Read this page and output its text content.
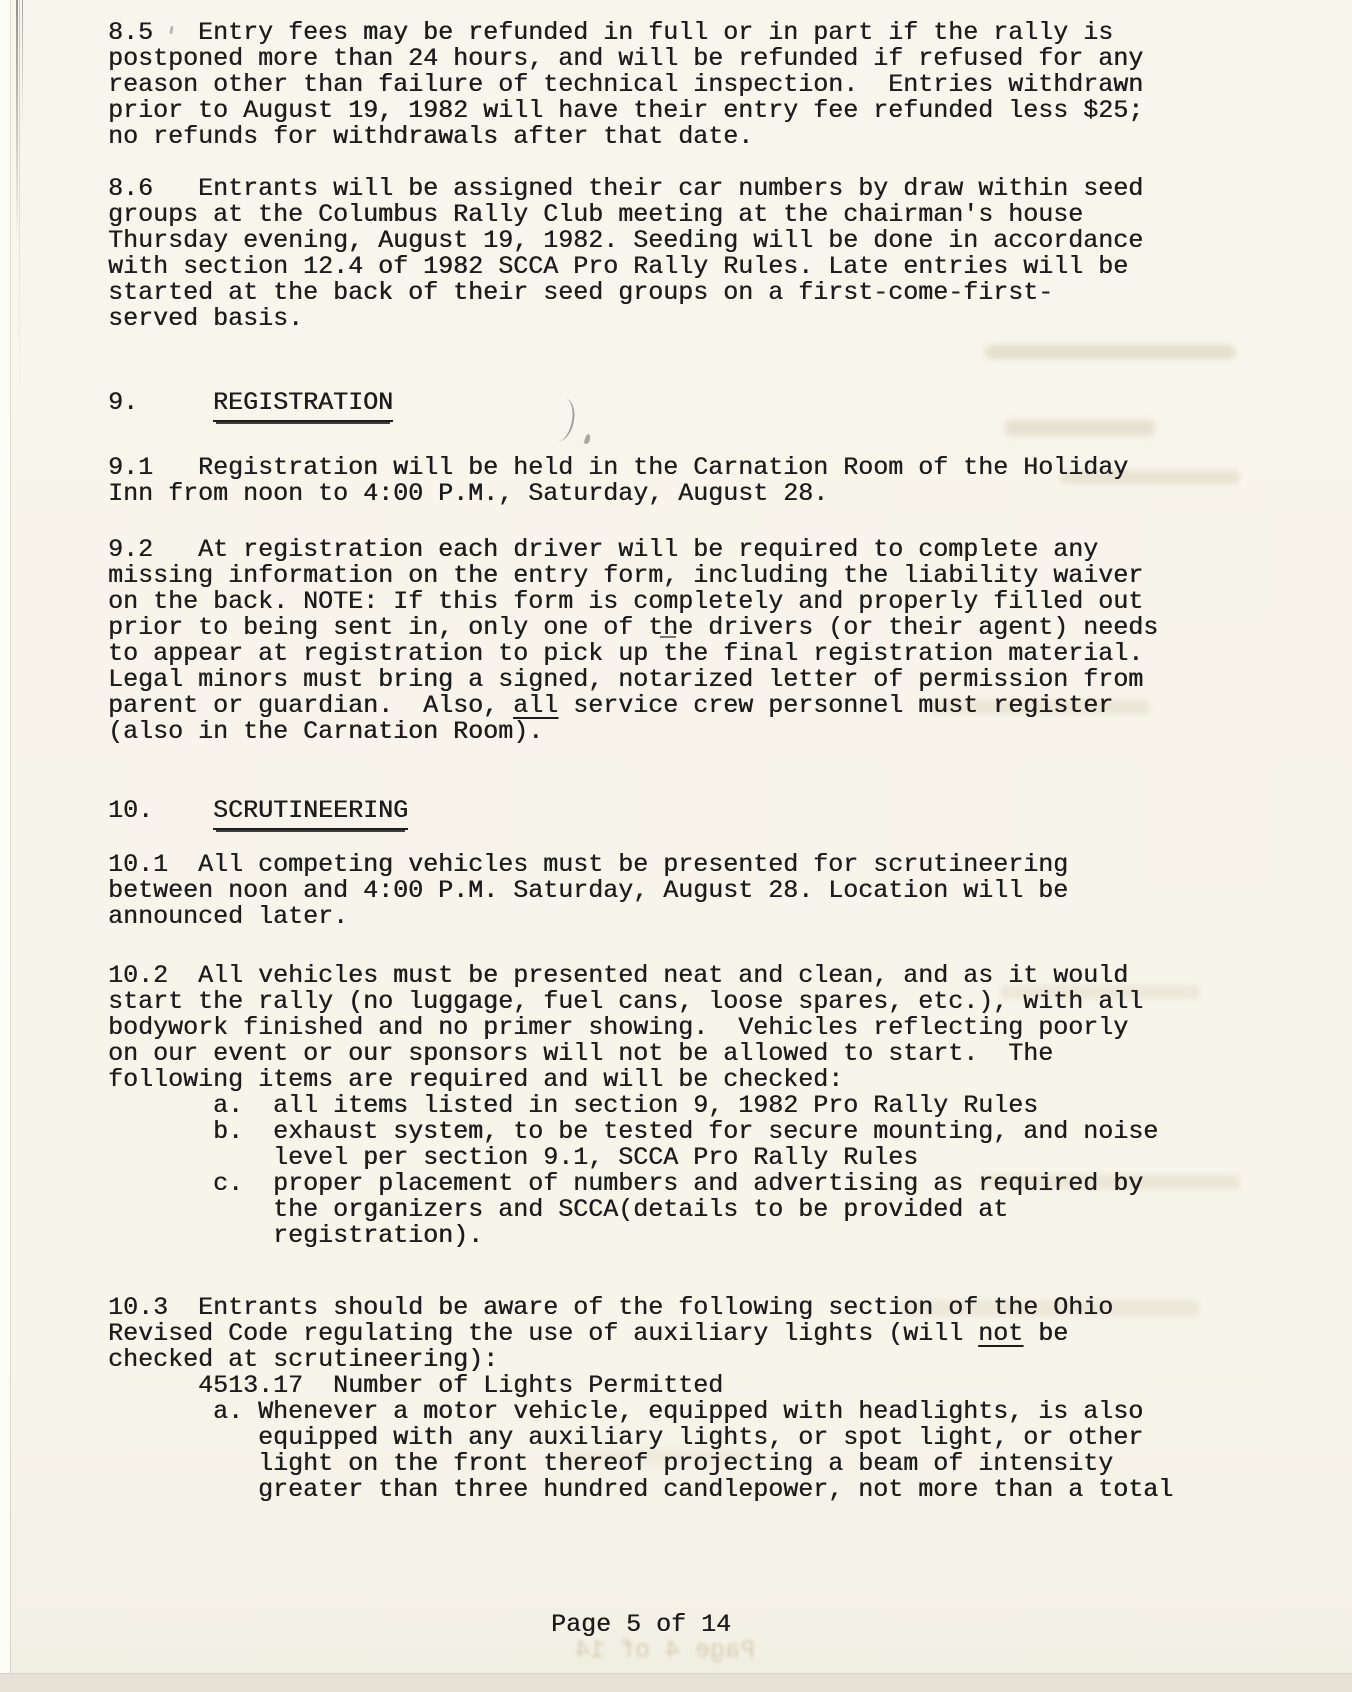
8.5   Entry fees may be refunded in full or in part if the rally is
postponed more than 24 hours, and will be refunded if refused for any
reason other than failure of technical inspection.  Entries withdrawn
prior to August 19, 1982 will have their entry fee refunded less $25;
no refunds for withdrawals after that date.
8.6   Entrants will be assigned their car numbers by draw within seed
groups at the Columbus Rally Club meeting at the chairman's house
Thursday evening, August 19, 1982. Seeding will be done in accordance
with section 12.4 of 1982 SCCA Pro Rally Rules. Late entries will be
started at the back of their seed groups on a first-come-first-
served basis.
9.     REGISTRATION
9.1   Registration will be held in the Carnation Room of the Holiday
Inn from noon to 4:00 P.M., Saturday, August 28.
9.2   At registration each driver will be required to complete any
missing information on the entry form, including the liability waiver
on the back. NOTE: If this form is completely and properly filled out
prior to being sent in, only one of the drivers (or their agent) needs
to appear at registration to pick up the final registration material.
Legal minors must bring a signed, notarized letter of permission from
parent or guardian.  Also, all service crew personnel must register
(also in the Carnation Room).
10.    SCRUTINEERING
10.1  All competing vehicles must be presented for scrutineering
between noon and 4:00 P.M. Saturday, August 28. Location will be
announced later.
10.2  All vehicles must be presented neat and clean, and as it would
start the rally (no luggage, fuel cans, loose spares, etc.), with all
bodywork finished and no primer showing.  Vehicles reflecting poorly
on our event or our sponsors will not be allowed to start.  The
following items are required and will be checked:
a.  all items listed in section 9, 1982 Pro Rally Rules
b.  exhaust system, to be tested for secure mounting, and noise
level per section 9.1, SCCA Pro Rally Rules
c.  proper placement of numbers and advertising as required by
the organizers and SCCA(details to be provided at
registration).
10.3  Entrants should be aware of the following section of the Ohio
Revised Code regulating the use of auxiliary lights (will not be
checked at scrutineering):
4513.17  Number of Lights Permitted
a. Whenever a motor vehicle, equipped with headlights, is also
equipped with any auxiliary lights, or spot light, or other
light on the front thereof projecting a beam of intensity
greater than three hundred candlepower, not more than a total
Page 5 of 14
Page 4 of 14
